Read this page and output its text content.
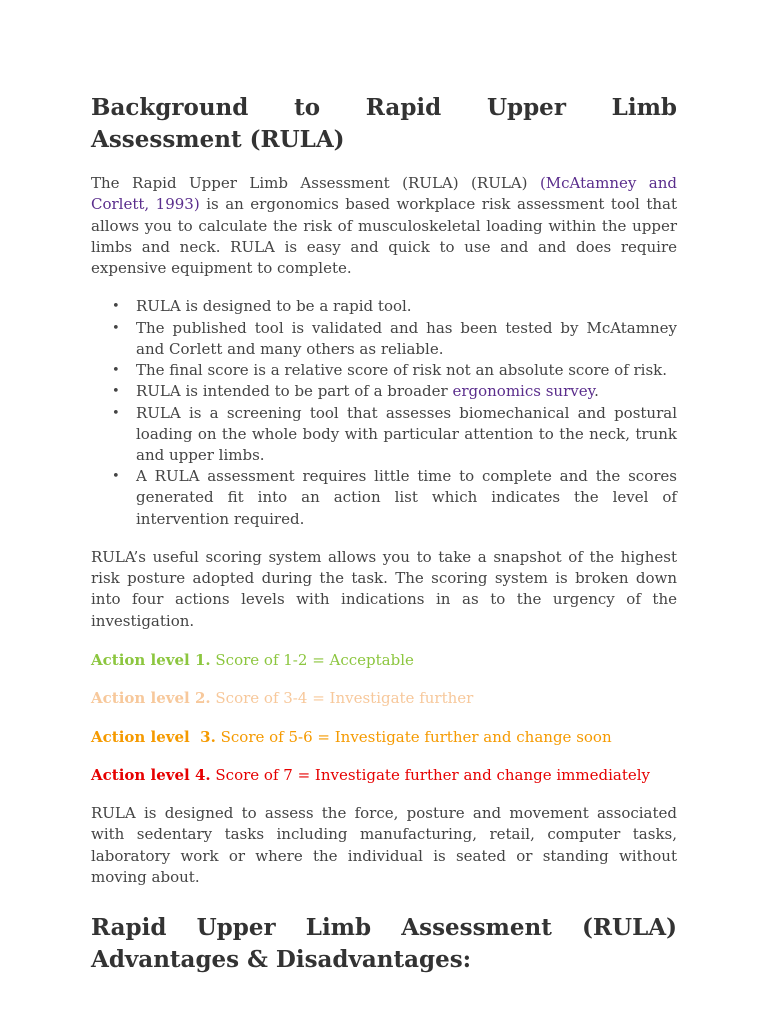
Background to Rapid Upper Limb Assessment (RULA)

The Rapid Upper Limb Assessment (RULA) (RULA) (McAtamney and Corlett, 1993) is an ergonomics based workplace risk assessment tool that allows you to calculate the risk of musculoskeletal loading within the upper limbs and neck. RULA is easy and quick to use and and does require expensive equipment to complete.

• RULA is designed to be a rapid tool.
• The published tool is validated and has been tested by McAtamney and Corlett and many others as reliable.
• The final score is a relative score of risk not an absolute score of risk.
• RULA is intended to be part of a broader ergonomics survey.
• RULA is a screening tool that assesses biomechanical and postural loading on the whole body with particular attention to the neck, trunk and upper limbs.
• A RULA assessment requires little time to complete and the scores generated fit into an action list which indicates the level of intervention required.

RULA’s useful scoring system allows you to take a snapshot of the highest risk posture adopted during the task. The scoring system is broken down into four actions levels with indications in as to the urgency of the investigation.

Action level 1. Score of 1-2 = Acceptable

Action level 2. Score of 3-4 = Investigate further

Action level  3. Score of 5-6 = Investigate further and change soon

Action level 4. Score of 7 = Investigate further and change immediately

RULA is designed to assess the force, posture and movement associated with sedentary tasks including manufacturing, retail, computer tasks, laboratory work or where the individual is seated or standing without moving about.

Rapid Upper Limb Assessment (RULA) Advantages & Disadvantages:
